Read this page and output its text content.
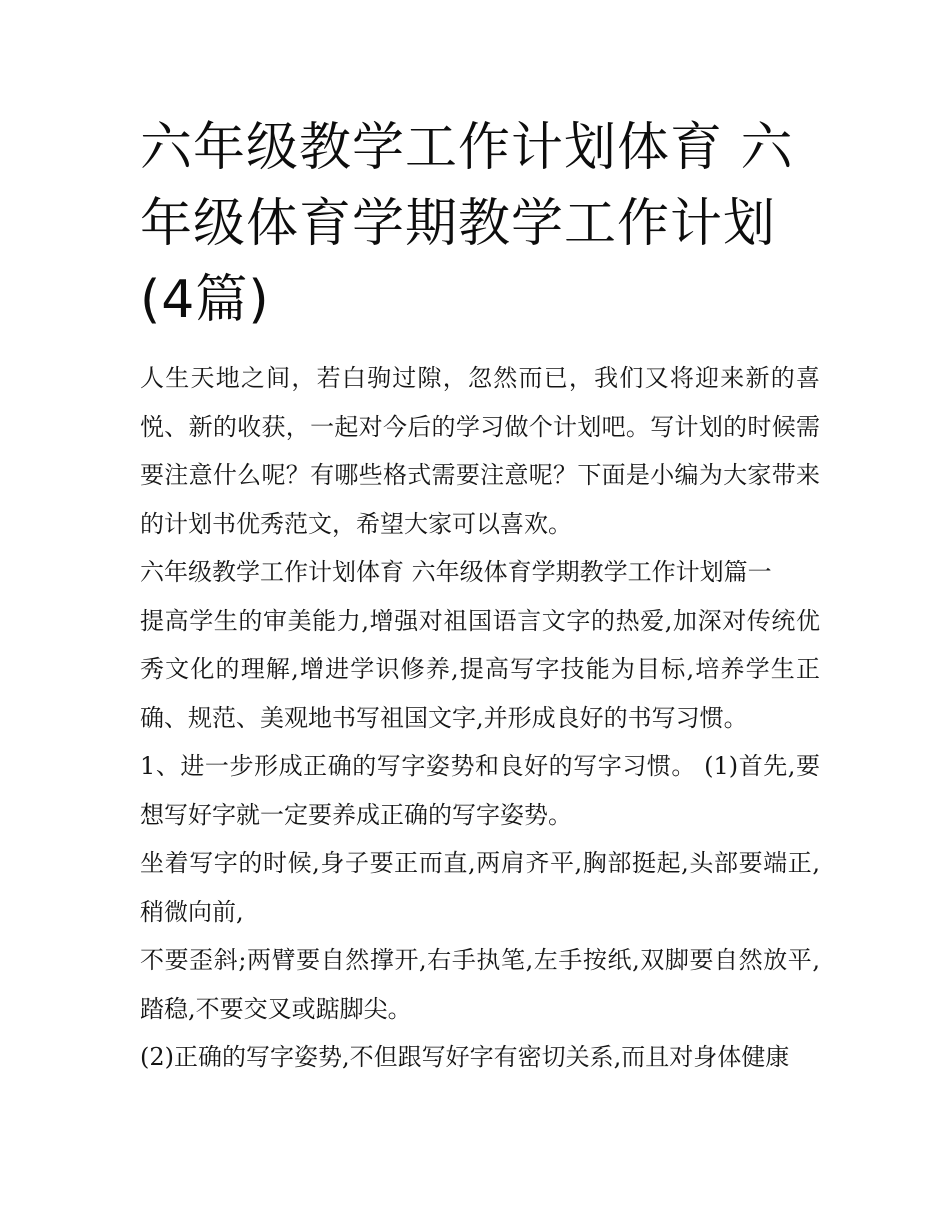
六年级教学工作计划体育 六年级体育学期教学工作计划(4篇)

人生天地之间，若白驹过隙，忽然而已，我们又将迎来新的喜悦、新的收获，一起对今后的学习做个计划吧。写计划的时候需要注意什么呢？有哪些格式需要注意呢？下面是小编为大家带来的计划书优秀范文，希望大家可以喜欢。

六年级教学工作计划体育 六年级体育学期教学工作计划篇一

提高学生的审美能力,增强对祖国语言文字的热爱,加深对传统优秀文化的理解,增进学识修养,提高写字技能为目标,培养学生正确、规范、美观地书写祖国文字,并形成良好的书写习惯。

1、进一步形成正确的写字姿势和良好的写字习惯。 (1)首先,要想写好字就一定要养成正确的写字姿势。

坐着写字的时候,身子要正而直,两肩齐平,胸部挺起,头部要端正,稍微向前,

不要歪斜;两臂要自然撑开,右手执笔,左手按纸,双脚要自然放平,踏稳,不要交叉或踮脚尖。

(2)正确的写字姿势,不但跟写好字有密切关系,而且对身体健康
